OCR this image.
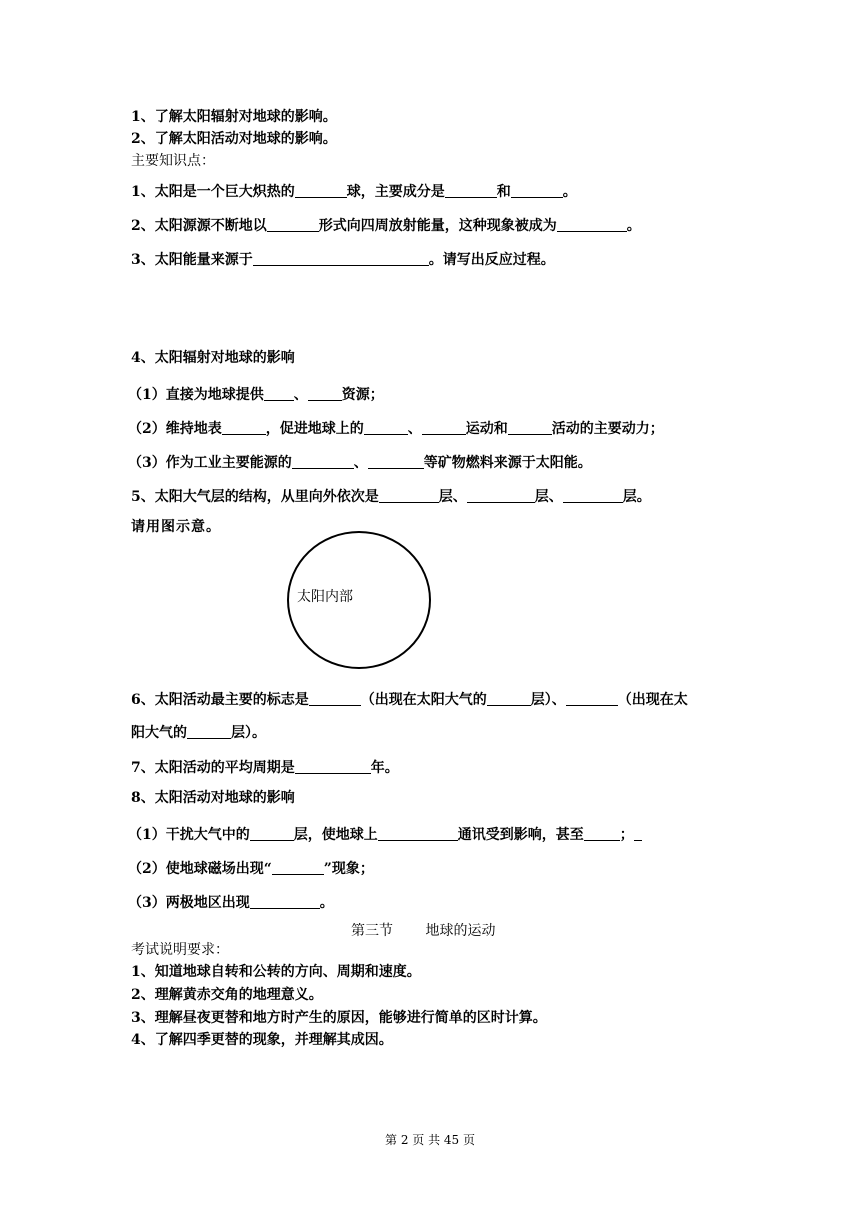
1、了解太阳辐射对地球的影响。
2、了解太阳活动对地球的影响。
主要知识点：
1、太阳是一个巨大炽热的	球，主要成分是	和	。
2、太阳源源不断地以	形式向四周放射能量，这种现象被成为	。
3、太阳能量来源于	。请写出反应过程。
4、太阳辐射对地球的影响
（1）直接为地球提供 、 资源；
（2）维持地表	，促进地球上的	、	运动和	活动的主要动力；
（3）作为工业主要能源的	、	等矿物燃料来源于太阳能。
5、太阳大气层的结构，从里向外依次是	层、	层、	层。
请用图示意。
太阳内部
6、太阳活动最主要的标志是	（出现在太阳大气的	层）、	（出现在太
阳大气的	层）。
7、太阳活动的平均周期是	年。
8、太阳活动对地球的影响
（1）干扰大气中的	层，使地球上	通讯受到影响，甚至	；
（2）使地球磁场出现“	”现象；
（3）两极地区出现	。
第三节　　 地球的运动
考试说明要求：
1、知道地球自转和公转的方向、周期和速度。
2、理解黄赤交角的地理意义。
3、理解昼夜更替和地方时产生的原因，能够进行简单的区时计算。
4、了解四季更替的现象，并理解其成因。
第 2 页 共 45 页
